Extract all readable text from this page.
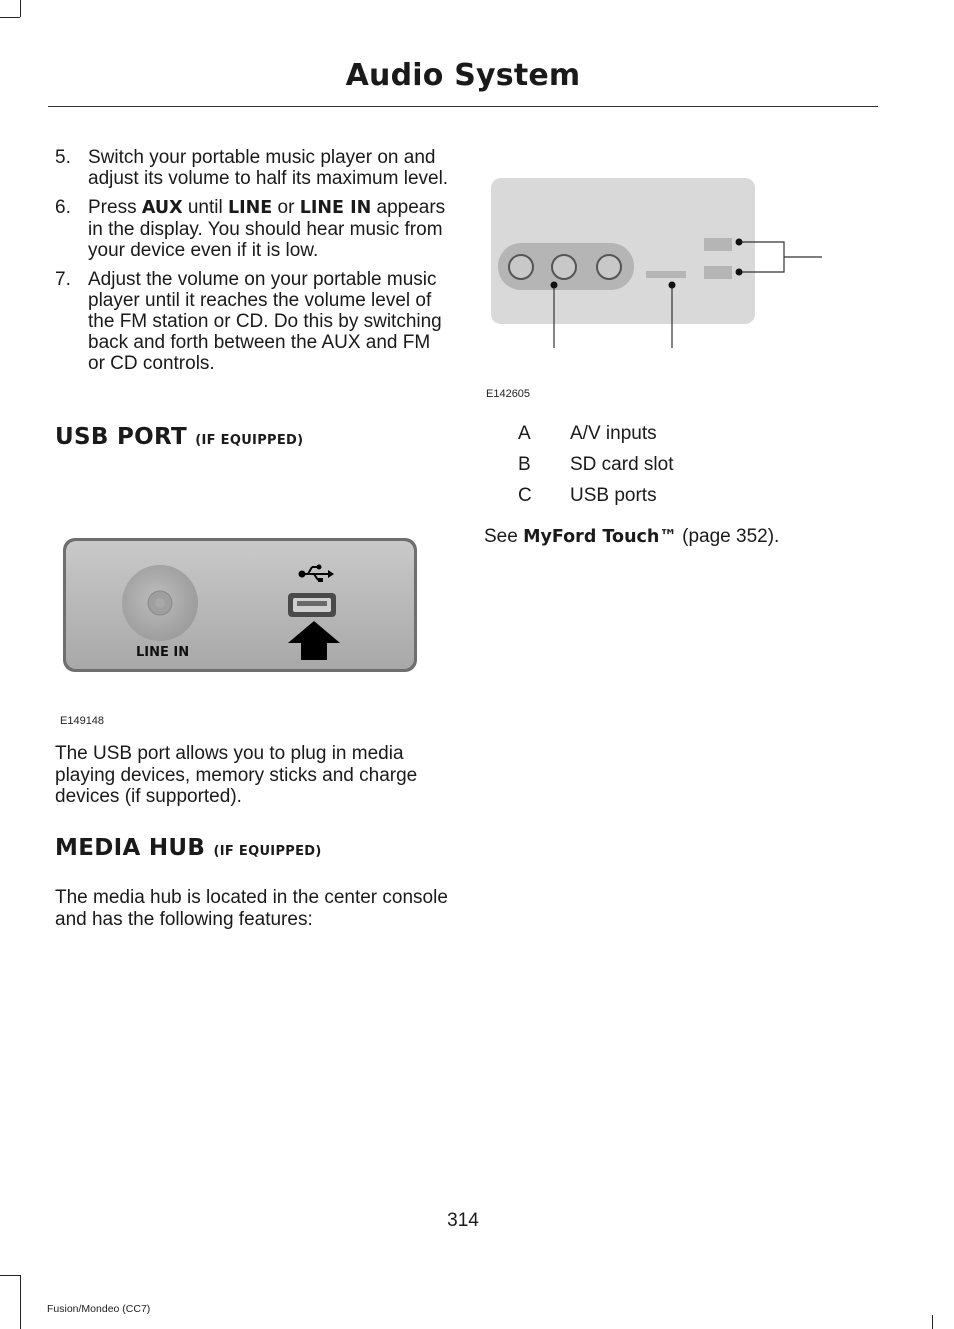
Audio System
5. Switch your portable music player on and adjust its volume to half its maximum level.
6. Press AUX until LINE or LINE IN appears in the display. You should hear music from your device even if it is low.
7. Adjust the volume on your portable music player until it reaches the volume level of the FM station or CD. Do this by switching back and forth between the AUX and FM or CD controls.
USB PORT (IF EQUIPPED)
LINE IN
E149148
The USB port allows you to plug in media playing devices, memory sticks and charge devices (if supported).
MEDIA HUB (IF EQUIPPED)
The media hub is located in the center console and has the following features:
E142605
A	A/V inputs
B	SD card slot
C	USB ports
See MyFord Touch™ (page 352).
314
Fusion/Mondeo (CC7)
